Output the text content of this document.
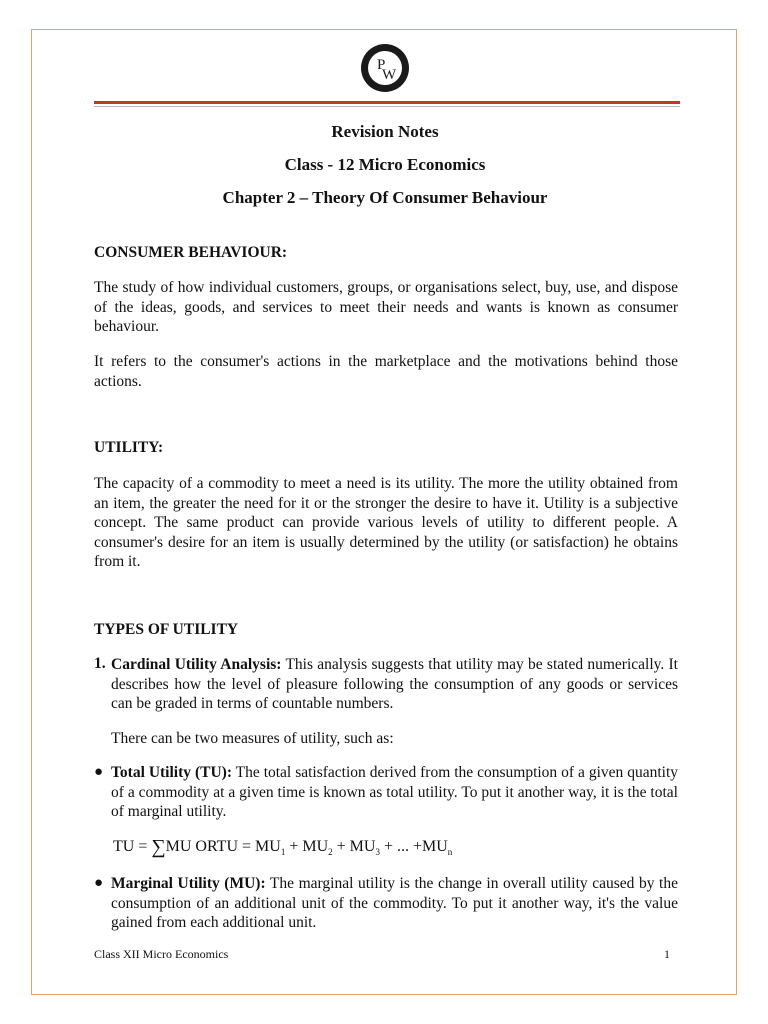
P
W
Revision Notes
Class - 12 Micro Economics
Chapter 2 – Theory Of Consumer Behaviour
CONSUMER BEHAVIOUR:
The study of how individual customers, groups, or organisations select, buy, use, and dispose of the ideas, goods, and services to meet their needs and wants is known as consumer behaviour.
It refers to the consumer's actions in the marketplace and the motivations behind those actions.
UTILITY:
The capacity of a commodity to meet a need is its utility. The more the utility obtained from an item, the greater the need for it or the stronger the desire to have it. Utility is a subjective concept. The same product can provide various levels of utility to different people. A consumer's desire for an item is usually determined by the utility (or satisfaction) he obtains from it.
TYPES OF UTILITY
1. Cardinal Utility Analysis: This analysis suggests that utility may be stated numerically. It describes how the level of pleasure following the consumption of any goods or services can be graded in terms of countable numbers.
There can be two measures of utility, such as:
● Total Utility (TU): The total satisfaction derived from the consumption of a given quantity of a commodity at a given time is known as total utility. To put it another way, it is the total of marginal utility.
TU = ∑MU ORTU = $MU_1 + MU_2 + MU_3$ + ... $+MU_n$
● Marginal Utility (MU): The marginal utility is the change in overall utility caused by the consumption of an additional unit of the commodity. To put it another way, it's the value gained from each additional unit.
Class XII Micro Economics	1
